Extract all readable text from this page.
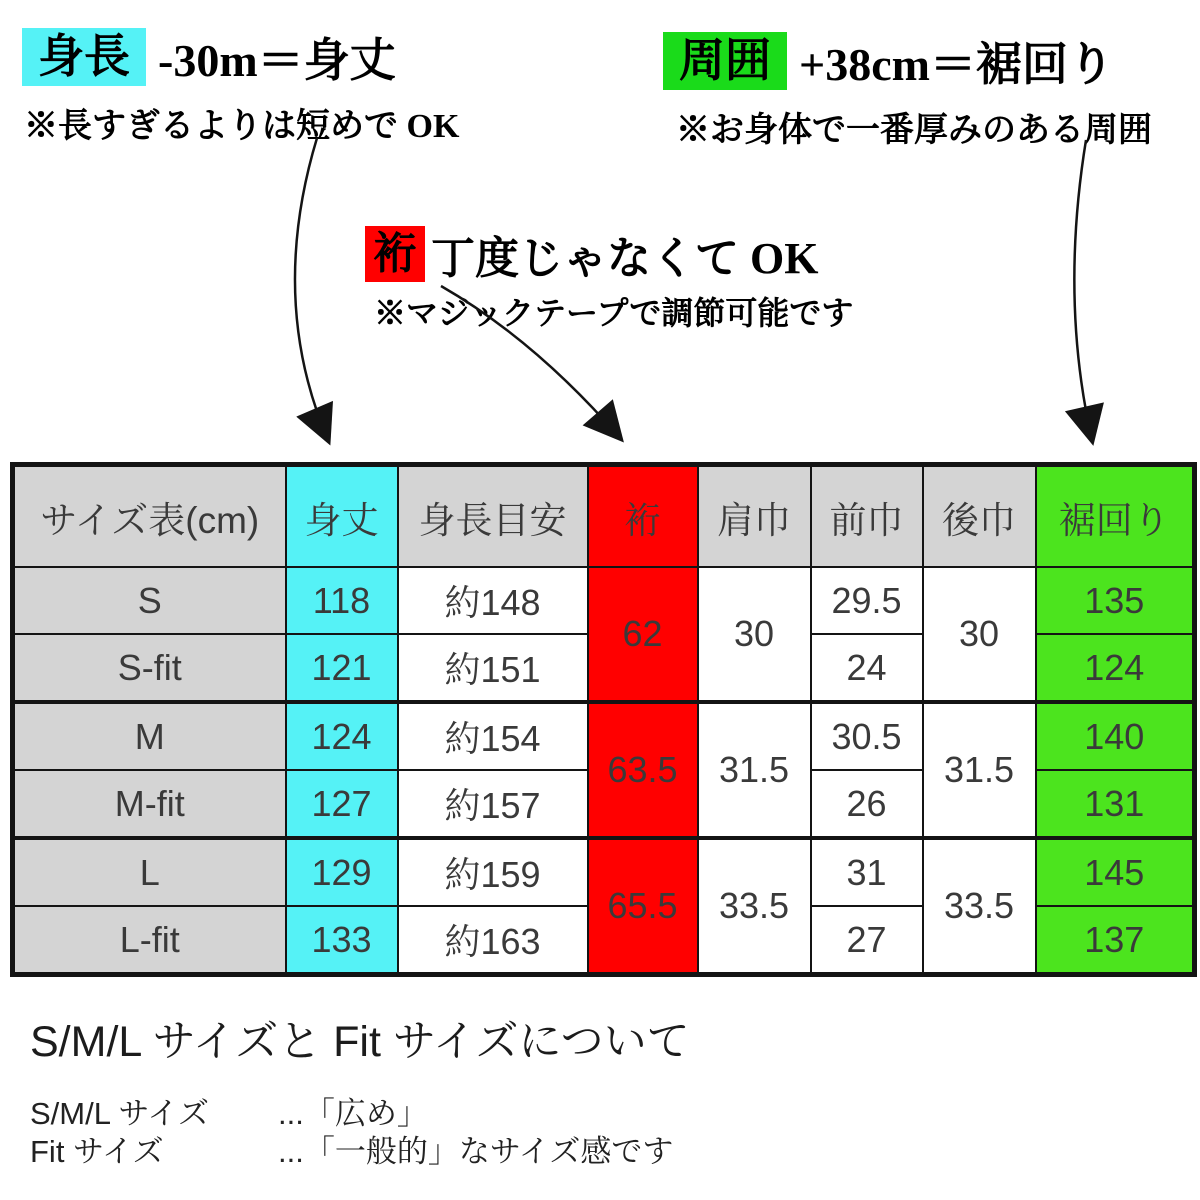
身長 -30m＝身丈
※長すぎるよりは短めで OK
周囲 +38cm＝裾回り
※お身体で一番厚みのある周囲
裄 丁度じゃなくて OK
※マジックテープで調節可能です
サイズ表(cm)	身丈	身長目安	裄	肩巾	前巾	後巾	裾回り
S	118	約148	62	30	29.5	30	135
S-fit	121	約151			24		124
M	124	約154	63.5	31.5	30.5	31.5	140
M-fit	127	約157			26		131
L	129	約159	65.5	33.5	31	33.5	145
L-fit	133	約163			27		137
S/M/L サイズと Fit サイズについて
S/M/L サイズ	...「広め」
Fit サイズ	...「一般的」なサイズ感です
